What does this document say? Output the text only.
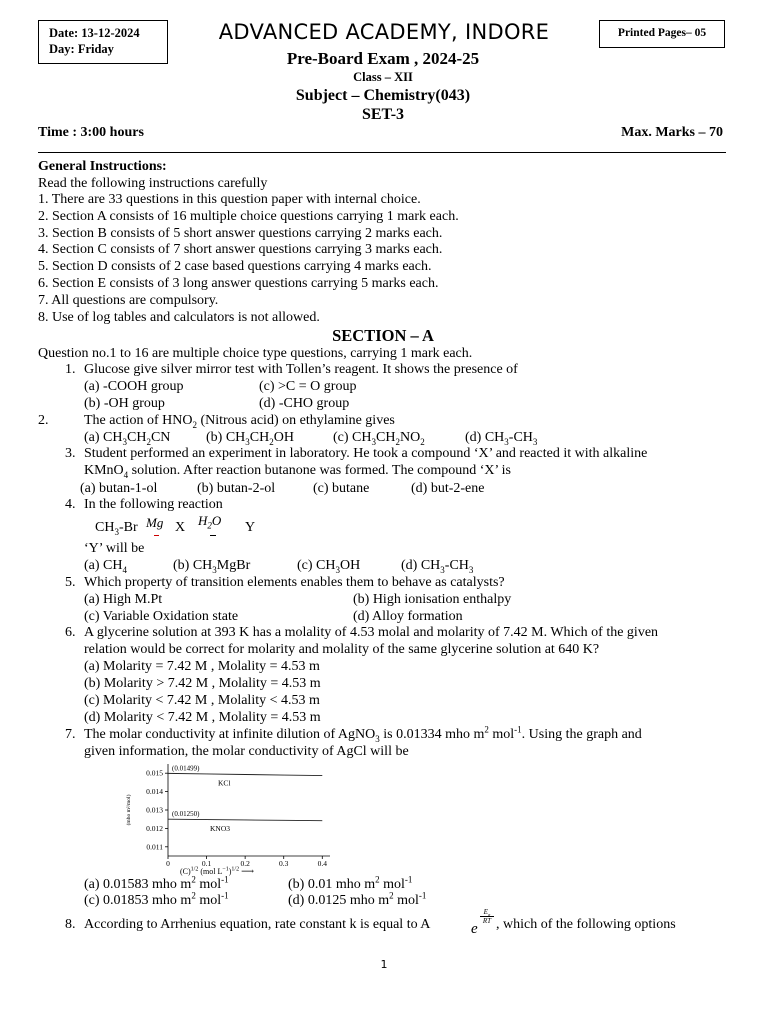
Date: 13-12-2024
Day: Friday
ADVANCED ACADEMY, INDORE	Printed Pages– 05
Pre-Board Exam , 2024-25
Class – XII
Subject – Chemistry(043)
SET-3
Time : 3:00 hours	Max. Marks – 70
General Instructions:
Read the following instructions carefully
1. There are 33 questions in this question paper with internal choice.
2. Section A consists of 16 multiple choice questions carrying 1 mark each.
3. Section B consists of 5 short answer questions carrying 2 marks each.
4. Section C consists of 7 short answer questions carrying 3 marks each.
5. Section D consists of 2 case based questions carrying 4 marks each.
6. Section E consists of 3 long answer questions carrying 5 marks each.
7. All questions are compulsory.
8. Use of log tables and calculators is not allowed.
SECTION – A
Question no.1 to 16 are multiple choice type questions, carrying 1 mark each.
1. Glucose give silver mirror test with Tollen’s reagent. It shows the presence of
(a) -COOH group	(c) >C = O group
(b) -OH group	(d) -CHO group
2.	The action of $HNO_2$ (Nitrous acid) on ethylamine gives
(a) $CH_3CH_2CN$	(b) $CH_3CH_2OH$	(c) $CH_3CH_2NO_2$	(d) $CH_3-CH_3$
3. Student performed an experiment in laboratory. He took a compound ‘X’ and reacted it with alkaline
KMnO$_4$ solution. After reaction butanone was formed. The compound ‘X’ is
(a) butan-1-ol	(b) butan-2-ol	(c) butane	(d) but-2-ene
4. In the following reaction
$CH_3-Br$ Mg X $H_2O$ Y
‘Y’ will be
(a) $CH_4$	(b) $CH_3MgBr$	(c) $CH_3OH$	(d) $CH_3-CH_3$
5. Which property of transition elements enables them to behave as catalysts?
(a) High M.Pt	(b) High ionisation enthalpy
(c) Variable Oxidation state	(d) Alloy formation
6. A glycerine solution at 393 K has a molality of 4.53 molal and molarity of 7.42 M. Which of the given
relation would be correct for molarity and molality of the same glycerine solution at 640 K?
(a) Molarity = 7.42 M , Molality = 4.53 m
(b) Molarity > 7.42 M , Molality = 4.53 m
(c) Molarity < 7.42 M , Molality < 4.53 m
(d) Molarity < 7.42 M , Molality = 4.53 m
7. The molar conductivity at infinite dilution of AgNO$_3$ is 0.01334 mho $m^2$ mol$^{-1}$. Using the graph and
given information, the molar conductivity of AgCl will be
0.011
0.012
0.013
0.014
0.015
0	0.1	0.2	0.3	0.4
(mho m²/mol)
(0.01499)
KCl
(0.01250)
KNO3
$(C)^{1/2}$ (mol $L^{-1})^{1/2}$ ⟶
(a) 0.01583 mho $m^2$ mol$^{-1}$	(b) 0.01 mho $m^2$ mol$^{-1}$
(c) 0.01853 mho $m^2$ mol$^{-1}$	(d) 0.0125 mho $m^2$ mol$^{-1}$
8. According to Arrhenius equation, rate constant k is equal to A	e
$E_a$
RT , which of the following options
1
